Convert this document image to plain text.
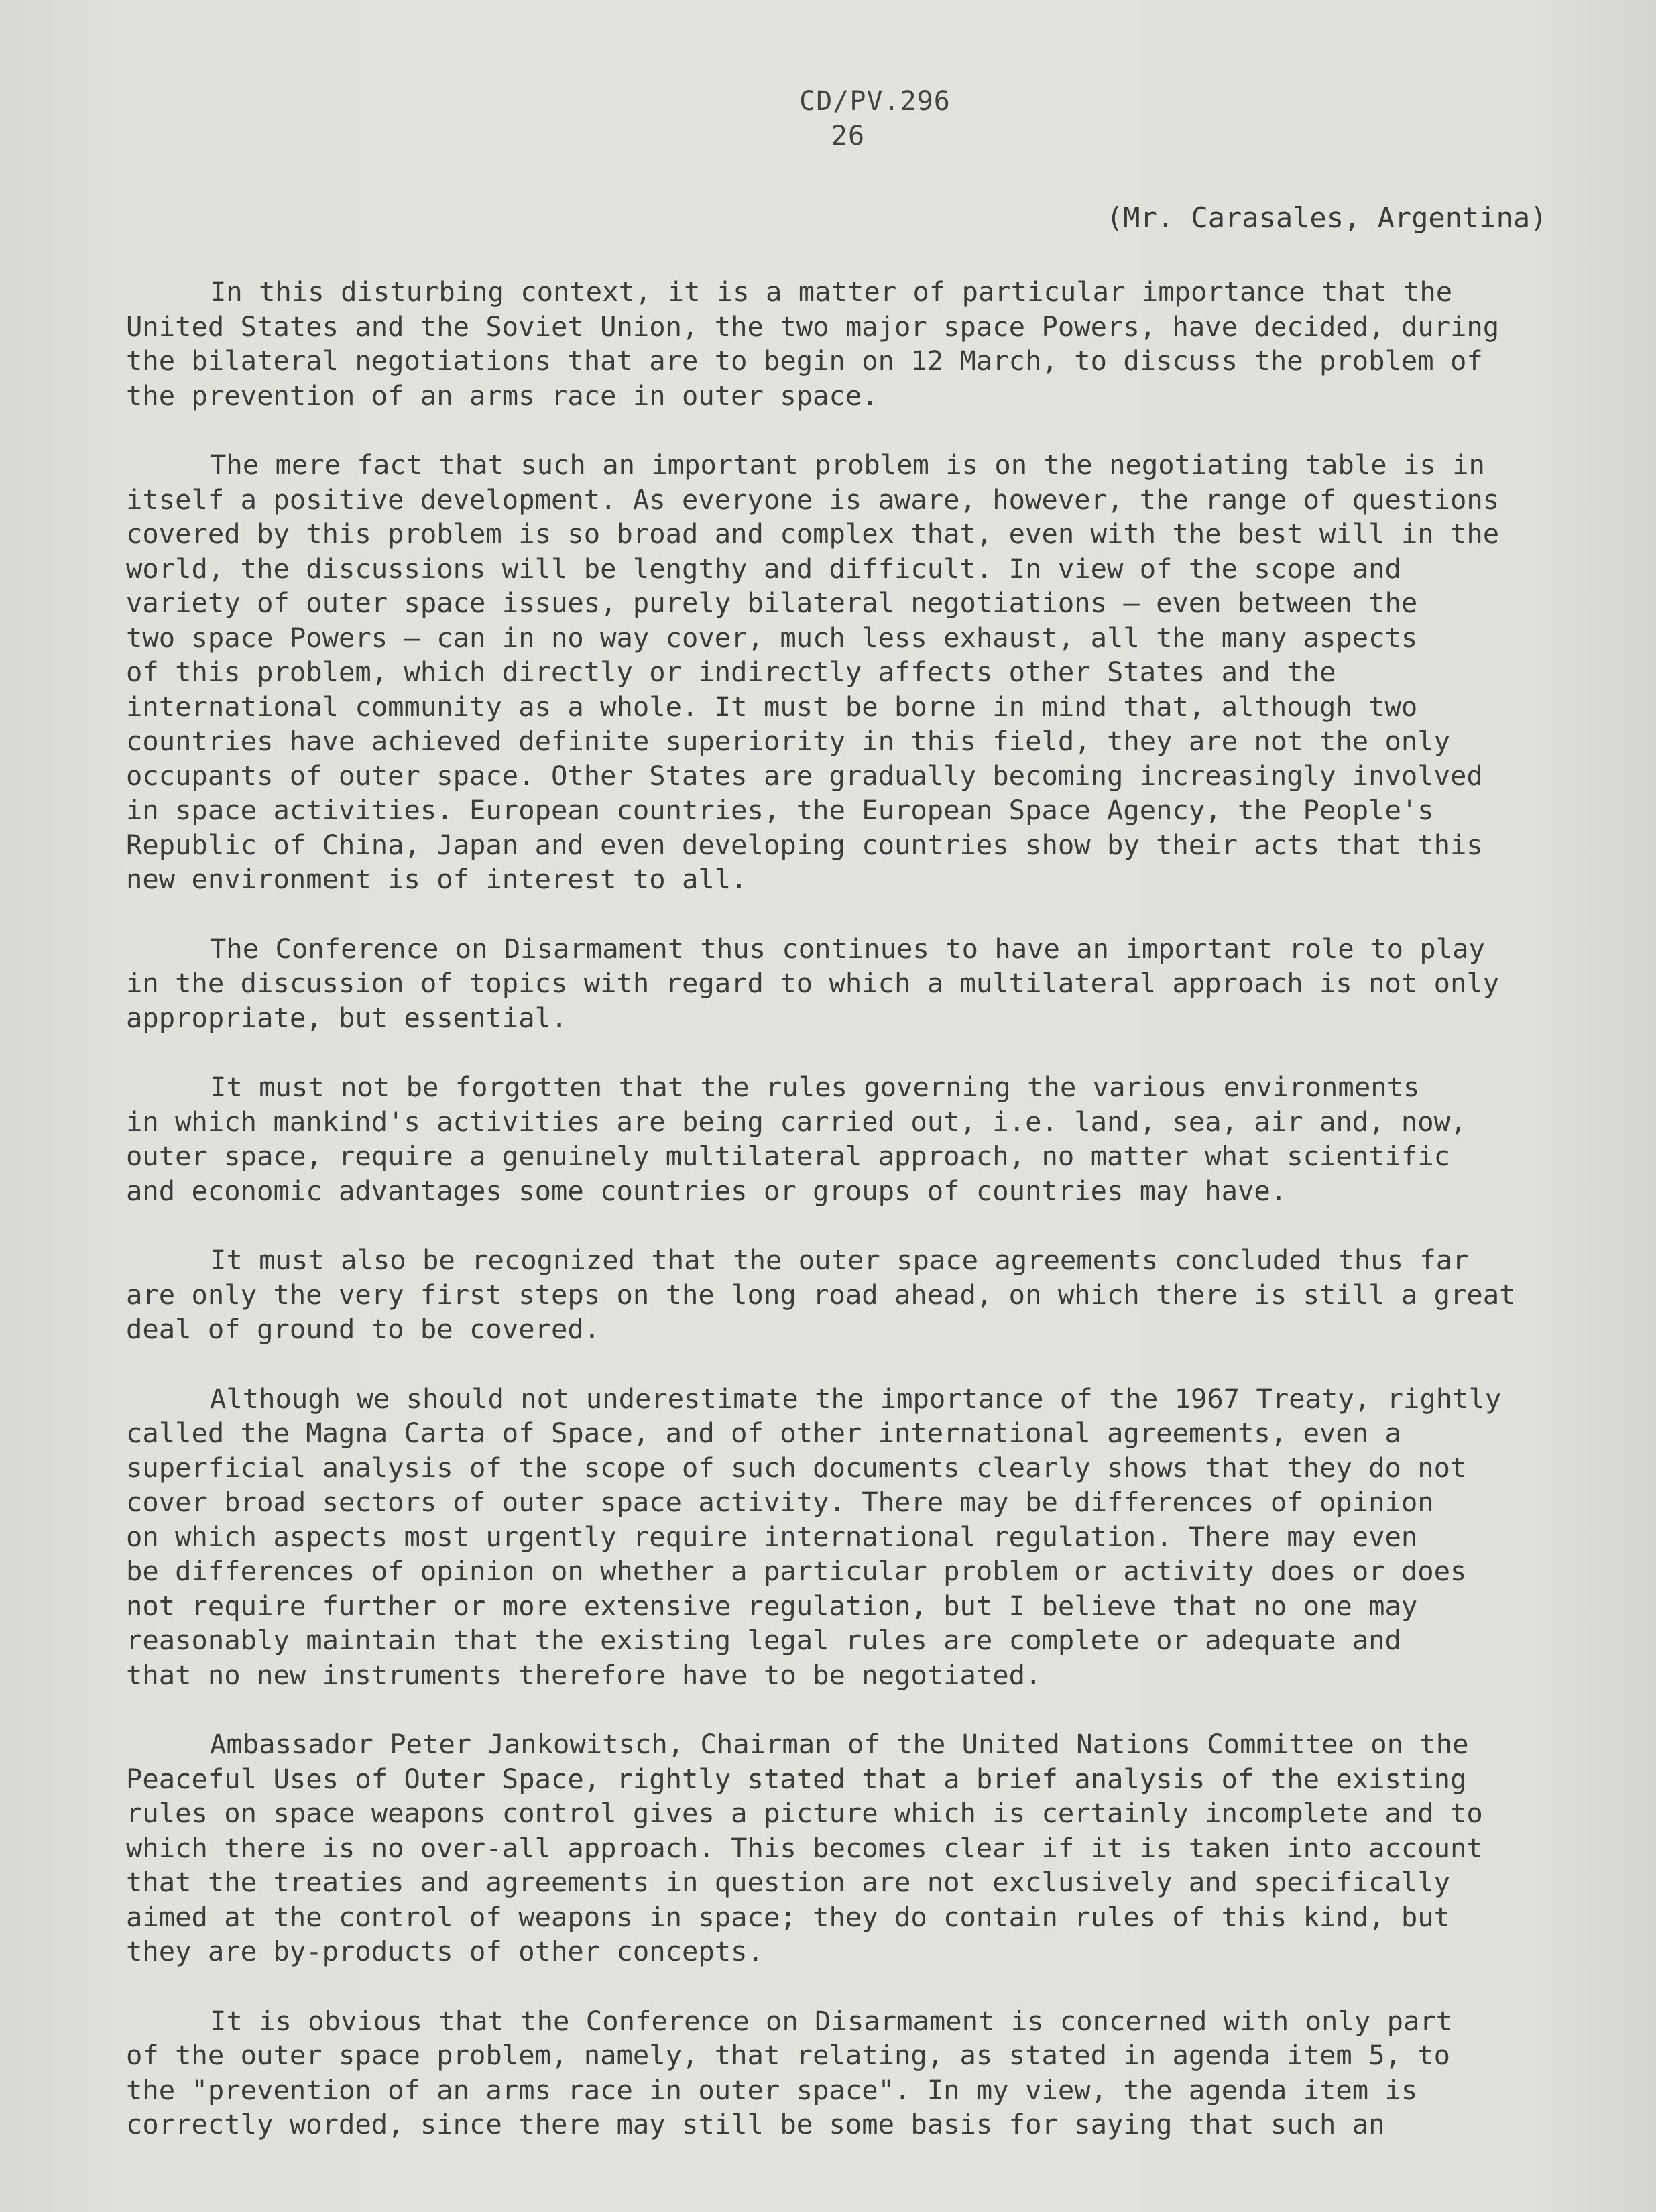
CD/PV.296
26
(Mr. Carasales, Argentina)

In this disturbing context, it is a matter of particular importance that the
United States and the Soviet Union, the two major space Powers, have decided, during
the bilateral negotiations that are to begin on 12 March, to discuss the problem of
the prevention of an arms race in outer space.

The mere fact that such an important problem is on the negotiating table is in
itself a positive development. As everyone is aware, however, the range of questions
covered by this problem is so broad and complex that, even with the best will in the
world, the discussions will be lengthy and difficult. In view of the scope and
variety of outer space issues, purely bilateral negotiations — even between the
two space Powers — can in no way cover, much less exhaust, all the many aspects
of this problem, which directly or indirectly affects other States and the
international community as a whole. It must be borne in mind that, although two
countries have achieved definite superiority in this field, they are not the only
occupants of outer space. Other States are gradually becoming increasingly involved
in space activities. European countries, the European Space Agency, the People's
Republic of China, Japan and even developing countries show by their acts that this
new environment is of interest to all.

The Conference on Disarmament thus continues to have an important role to play
in the discussion of topics with regard to which a multilateral approach is not only
appropriate, but essential.

It must not be forgotten that the rules governing the various environments
in which mankind's activities are being carried out, i.e. land, sea, air and, now,
outer space, require a genuinely multilateral approach, no matter what scientific
and economic advantages some countries or groups of countries may have.

It must also be recognized that the outer space agreements concluded thus far
are only the very first steps on the long road ahead, on which there is still a great
deal of ground to be covered.

Although we should not underestimate the importance of the 1967 Treaty, rightly
called the Magna Carta of Space, and of other international agreements, even a
superficial analysis of the scope of such documents clearly shows that they do not
cover broad sectors of outer space activity. There may be differences of opinion
on which aspects most urgently require international regulation. There may even
be differences of opinion on whether a particular problem or activity does or does
not require further or more extensive regulation, but I believe that no one may
reasonably maintain that the existing legal rules are complete or adequate and
that no new instruments therefore have to be negotiated.

Ambassador Peter Jankowitsch, Chairman of the United Nations Committee on the
Peaceful Uses of Outer Space, rightly stated that a brief analysis of the existing
rules on space weapons control gives a picture which is certainly incomplete and to
which there is no over-all approach. This becomes clear if it is taken into account
that the treaties and agreements in question are not exclusively and specifically
aimed at the control of weapons in space; they do contain rules of this kind, but
they are by-products of other concepts.

It is obvious that the Conference on Disarmament is concerned with only part
of the outer space problem, namely, that relating, as stated in agenda item 5, to
the "prevention of an arms race in outer space". In my view, the agenda item is
correctly worded, since there may still be some basis for saying that such an
